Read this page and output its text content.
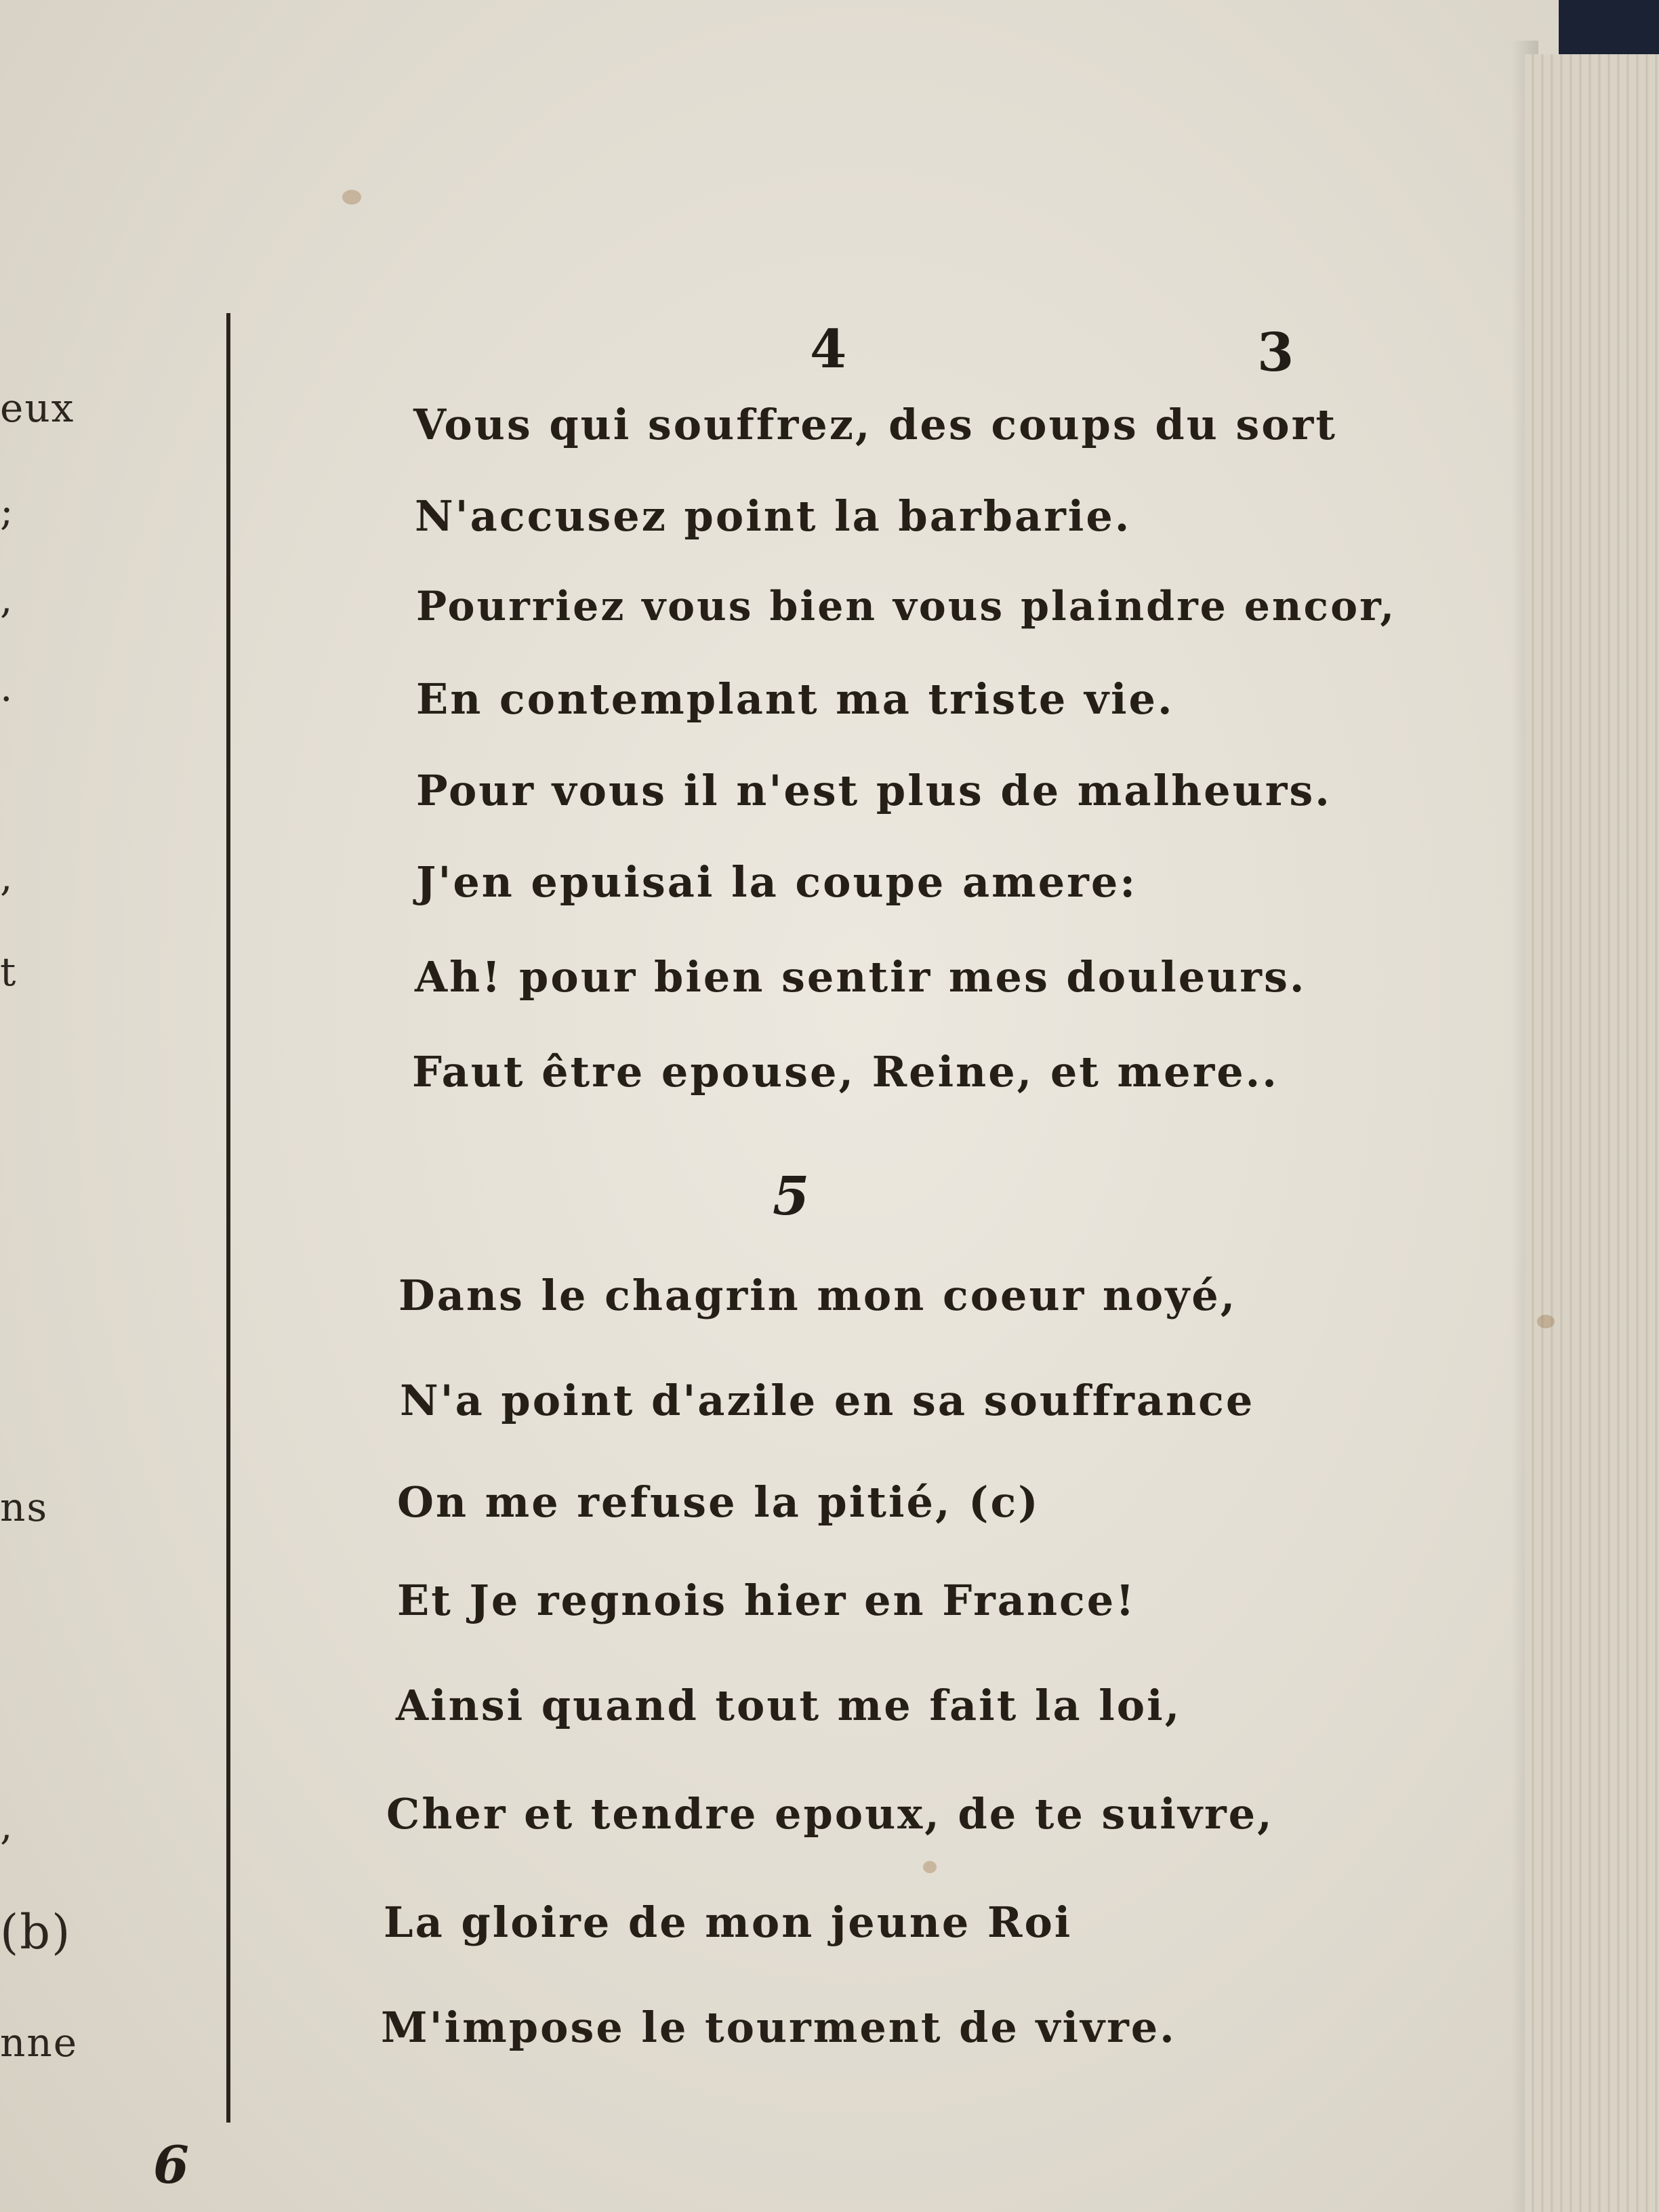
eux
;
,
.
,
t
ns
,
(b)
nne
4	3
Vous qui souffrez, des coups du sort
N'accusez point la barbarie.
Pourriez vous bien vous plaindre encor,
En contemplant ma triste vie.
Pour vous il n'est plus de malheurs.
J'en epuisai la coupe amere:
Ah! pour bien sentir mes douleurs.
Faut être epouse, Reine, et mere..
5
Dans le chagrin mon coeur noyé,
N'a point d'azile en sa souffrance
On me refuse la pitié, (c)
Et Je regnois hier en France!
Ainsi quand tout me fait la loi,
Cher et tendre epoux, de te suivre,
La gloire de mon jeune Roi
M'impose le tourment de vivre.
6
